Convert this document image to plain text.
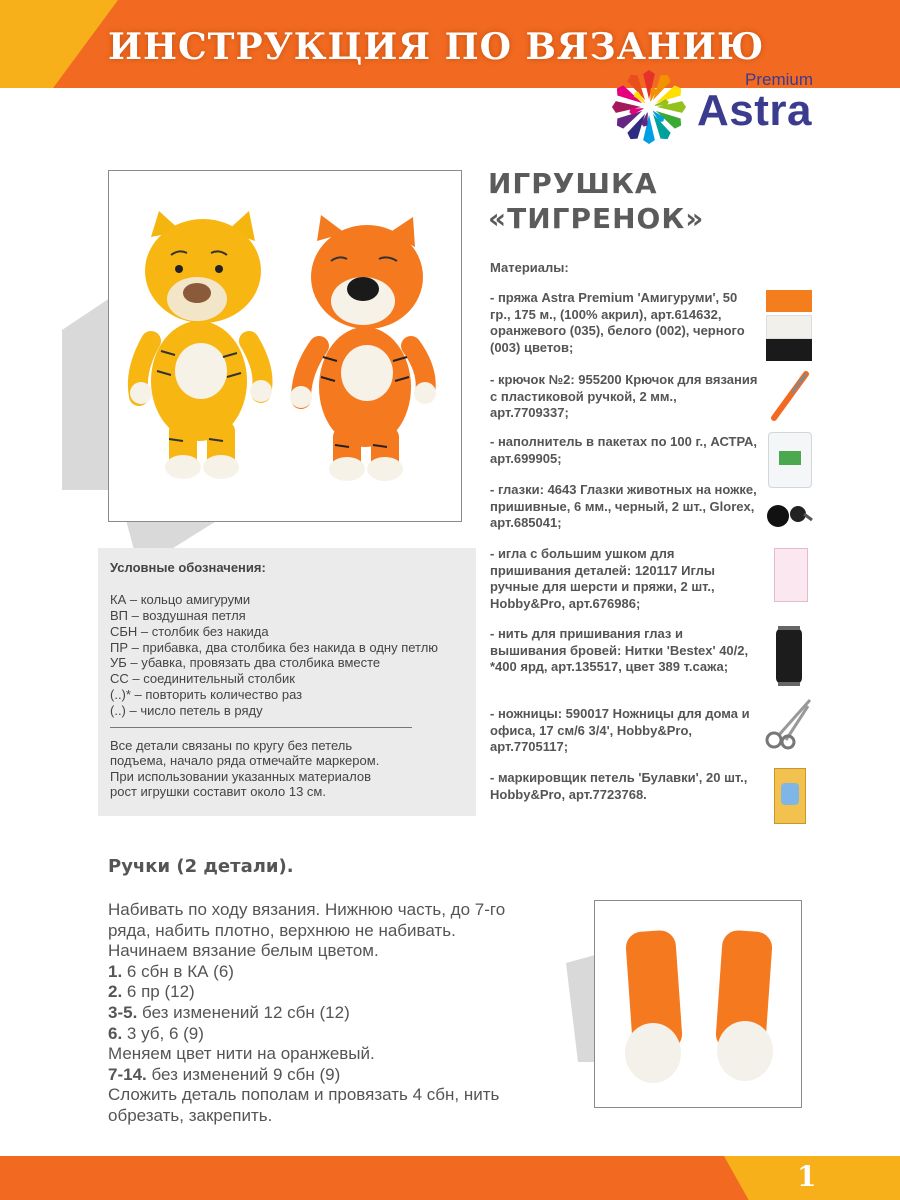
ИНСТРУКЦИЯ ПО ВЯЗАНИЮ
Premium
Astra
ИГРУШКА
«ТИГРЕНОК»
Материалы:
- пряжа Astra Premium 'Амигуруми', 50 гр., 175 м., (100% акрил), арт.614632, оранжевого (035), белого (002), черного (003) цветов;
- крючок №2: 955200 Крючок для вязания с пластиковой ручкой, 2 мм., арт.7709337;
- наполнитель в пакетах по 100 г., АСТРА, арт.699905;
- глазки: 4643 Глазки животных на ножке, пришивные, 6 мм., черный, 2 шт., Glorex, арт.685041;
- игла с большим ушком для пришивания деталей: 120117 Иглы ручные для шерсти и пряжи, 2 шт., Hobby&Pro, арт.676986;
- нить для пришивания глаз и вышивания бровей: Нитки 'Bestex' 40/2, *400 ярд, арт.135517, цвет 389 т.сажа;
- ножницы: 590017 Ножницы для дома и офиса, 17 см/6 3/4', Hobby&Pro, арт.7705117;
- маркировщик петель 'Булавки', 20 шт., Hobby&Pro, арт.7723768.
Условные обозначения:
КА – кольцо амигуруми
ВП – воздушная петля
СБН – столбик без накида
ПР – прибавка, два столбика без накида в одну петлю
УБ – убавка, провязать два столбика вместе
СС – соединительный столбик
(..)* – повторить количество раз
(..) – число петель в ряду
Все детали связаны по кругу без петель
подъема, начало ряда отмечайте маркером.
При использовании указанных материалов
рост игрушки составит около 13 см.
Ручки (2 детали).
Набивать по ходу вязания. Нижнюю часть, до 7-го
ряда, набить плотно, верхнюю не набивать.
Начинаем вязание белым цветом.
1. 6 сбн в КА (6)
2. 6 пр (12)
3-5. без изменений 12 сбн (12)
6. 3 уб, 6 (9)
Меняем цвет нити на оранжевый.
7-14. без изменений 9 сбн (9)
Сложить деталь пополам и провязать 4 сбн, нить
обрезать, закрепить.
1
